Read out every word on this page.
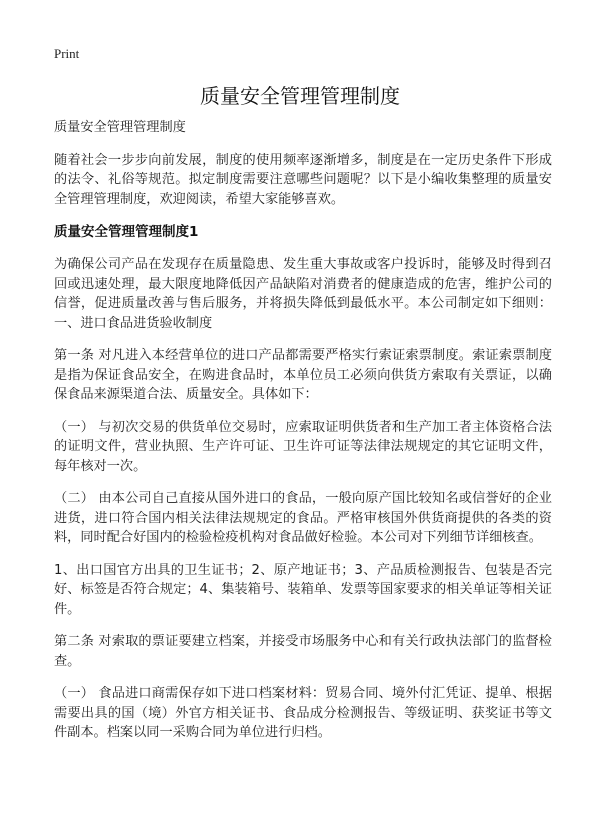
Print
质量安全管理管理制度

质量安全管理管理制度

随着社会一步步向前发展，制度的使用频率逐渐增多，制度是在一定历史条件下形成的法令、礼俗等规范。拟定制度需要注意哪些问题呢？以下是小编收集整理的质量安全管理管理制度，欢迎阅读，希望大家能够喜欢。

质量安全管理管理制度1

为确保公司产品在发现存在质量隐患、发生重大事故或客户投诉时，能够及时得到召回或迅速处理，最大限度地降低因产品缺陷对消费者的健康造成的危害，维护公司的信誉，促进质量改善与售后服务，并将损失降低到最低水平。本公司制定如下细则： 一、进口食品进货验收制度

第一条 对凡进入本经营单位的进口产品都需要严格实行索证索票制度。索证索票制度是指为保证食品安全，在购进食品时，本单位员工必须向供货方索取有关票证，以确保食品来源渠道合法、质量安全。具体如下：

（一） 与初次交易的供货单位交易时，应索取证明供货者和生产加工者主体资格合法的证明文件，营业执照、生产许可证、卫生许可证等法律法规规定的其它证明文件，每年核对一次。

（二） 由本公司自己直接从国外进口的食品，一般向原产国比较知名或信誉好的企业进货，进口符合国内相关法律法规规定的食品。严格审核国外供货商提供的各类的资料，同时配合好国内的检验检疫机构对食品做好检验。本公司对下列细节详细核查。

1、出口国官方出具的卫生证书；2、原产地证书；3、产品质检测报告、包装是否完好、标签是否符合规定；4、集装箱号、装箱单、发票等国家要求的相关单证等相关证件。

第二条 对索取的票证要建立档案，并接受市场服务中心和有关行政执法部门的监督检查。

（一） 食品进口商需保存如下进口档案材料：贸易合同、境外付汇凭证、提单、根据需要出具的国（境）外官方相关证书、食品成分检测报告、等级证明、获奖证书等文件副本。档案以同一采购合同为单位进行归档。
